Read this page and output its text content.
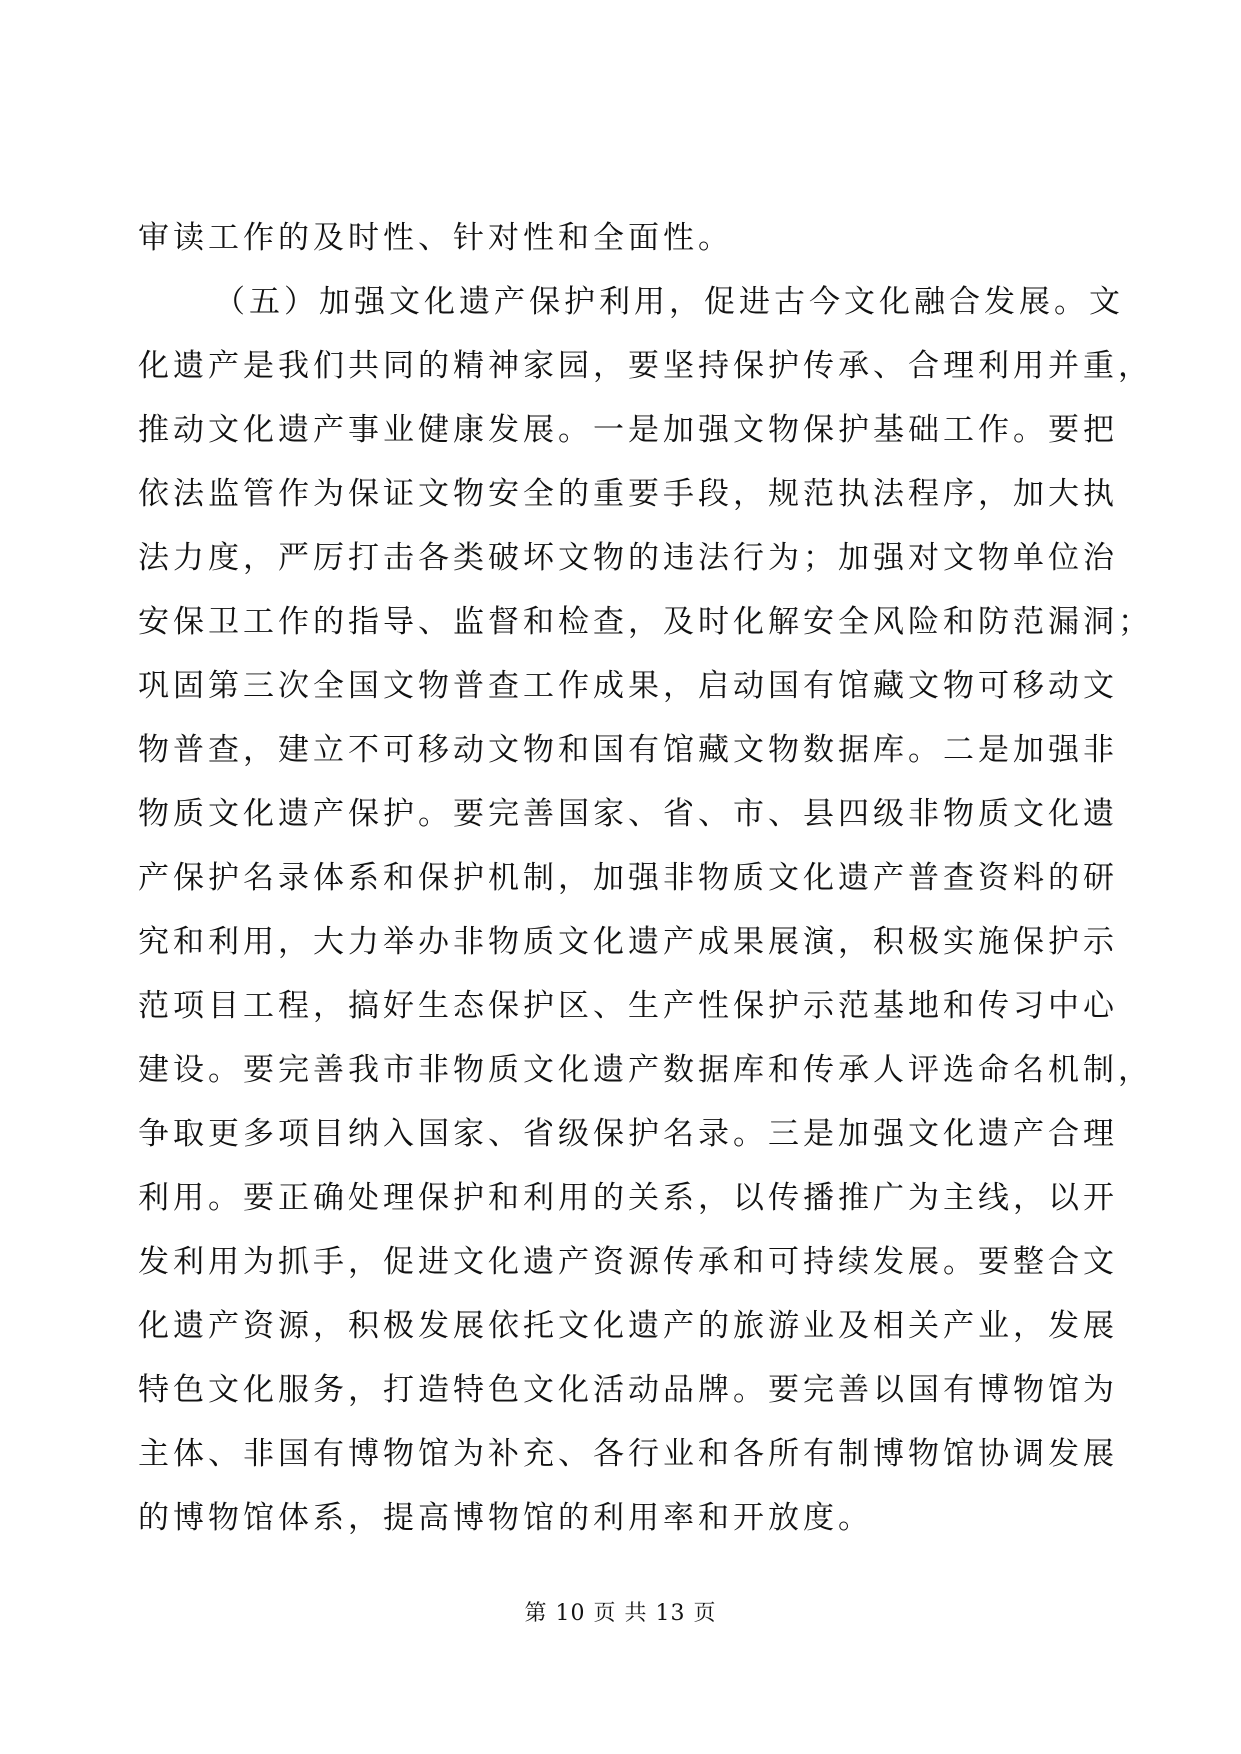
审读工作的及时性、针对性和全面性。
（五）加强文化遗产保护利用，促进古今文化融合发展。文
化遗产是我们共同的精神家园，要坚持保护传承、合理利用并重，
推动文化遗产事业健康发展。一是加强文物保护基础工作。要把
依法监管作为保证文物安全的重要手段，规范执法程序，加大执
法力度，严厉打击各类破坏文物的违法行为；加强对文物单位治
安保卫工作的指导、监督和检查，及时化解安全风险和防范漏洞；
巩固第三次全国文物普查工作成果，启动国有馆藏文物可移动文
物普查，建立不可移动文物和国有馆藏文物数据库。二是加强非
物质文化遗产保护。要完善国家、省、市、县四级非物质文化遗
产保护名录体系和保护机制，加强非物质文化遗产普查资料的研
究和利用，大力举办非物质文化遗产成果展演，积极实施保护示
范项目工程，搞好生态保护区、生产性保护示范基地和传习中心
建设。要完善我市非物质文化遗产数据库和传承人评选命名机制，
争取更多项目纳入国家、省级保护名录。三是加强文化遗产合理
利用。要正确处理保护和利用的关系，以传播推广为主线，以开
发利用为抓手，促进文化遗产资源传承和可持续发展。要整合文
化遗产资源，积极发展依托文化遗产的旅游业及相关产业，发展
特色文化服务，打造特色文化活动品牌。要完善以国有博物馆为
主体、非国有博物馆为补充、各行业和各所有制博物馆协调发展
的博物馆体系，提高博物馆的利用率和开放度。
第 10 页 共 13 页
